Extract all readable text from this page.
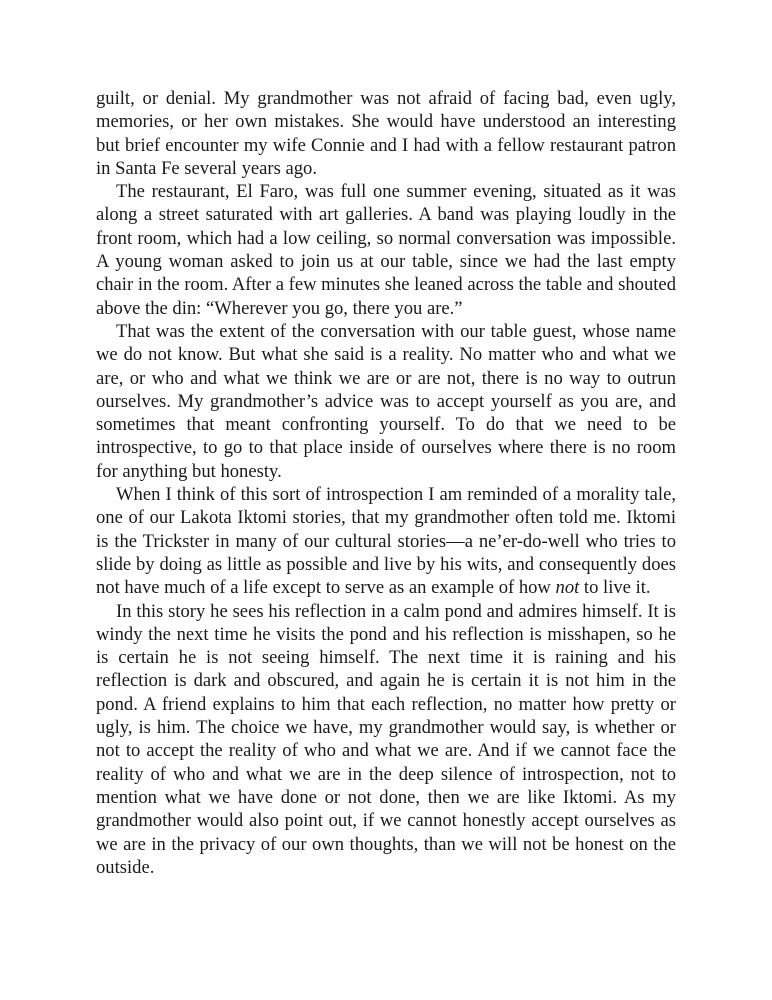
guilt, or denial. My grandmother was not afraid of facing bad, even ugly, memories, or her own mistakes. She would have understood an interesting but brief encounter my wife Connie and I had with a fellow restaurant patron in Santa Fe several years ago.

The restaurant, El Faro, was full one summer evening, situated as it was along a street saturated with art galleries. A band was playing loudly in the front room, which had a low ceiling, so normal conversation was impossible. A young woman asked to join us at our table, since we had the last empty chair in the room. After a few minutes she leaned across the table and shouted above the din: “Wherever you go, there you are.”

That was the extent of the conversation with our table guest, whose name we do not know. But what she said is a reality. No matter who and what we are, or who and what we think we are or are not, there is no way to outrun ourselves. My grandmother’s advice was to accept yourself as you are, and sometimes that meant confronting yourself. To do that we need to be introspective, to go to that place inside of ourselves where there is no room for anything but honesty.

When I think of this sort of introspection I am reminded of a morality tale, one of our Lakota Iktomi stories, that my grandmother often told me. Iktomi is the Trickster in many of our cultural stories—a ne’er-do-well who tries to slide by doing as little as possible and live by his wits, and consequently does not have much of a life except to serve as an example of how not to live it.

In this story he sees his reflection in a calm pond and admires himself. It is windy the next time he visits the pond and his reflection is misshapen, so he is certain he is not seeing himself. The next time it is raining and his reflection is dark and obscured, and again he is certain it is not him in the pond. A friend explains to him that each reflection, no matter how pretty or ugly, is him. The choice we have, my grandmother would say, is whether or not to accept the reality of who and what we are. And if we cannot face the reality of who and what we are in the deep silence of introspection, not to mention what we have done or not done, then we are like Iktomi. As my grandmother would also point out, if we cannot honestly accept ourselves as we are in the privacy of our own thoughts, than we will not be honest on the outside.
